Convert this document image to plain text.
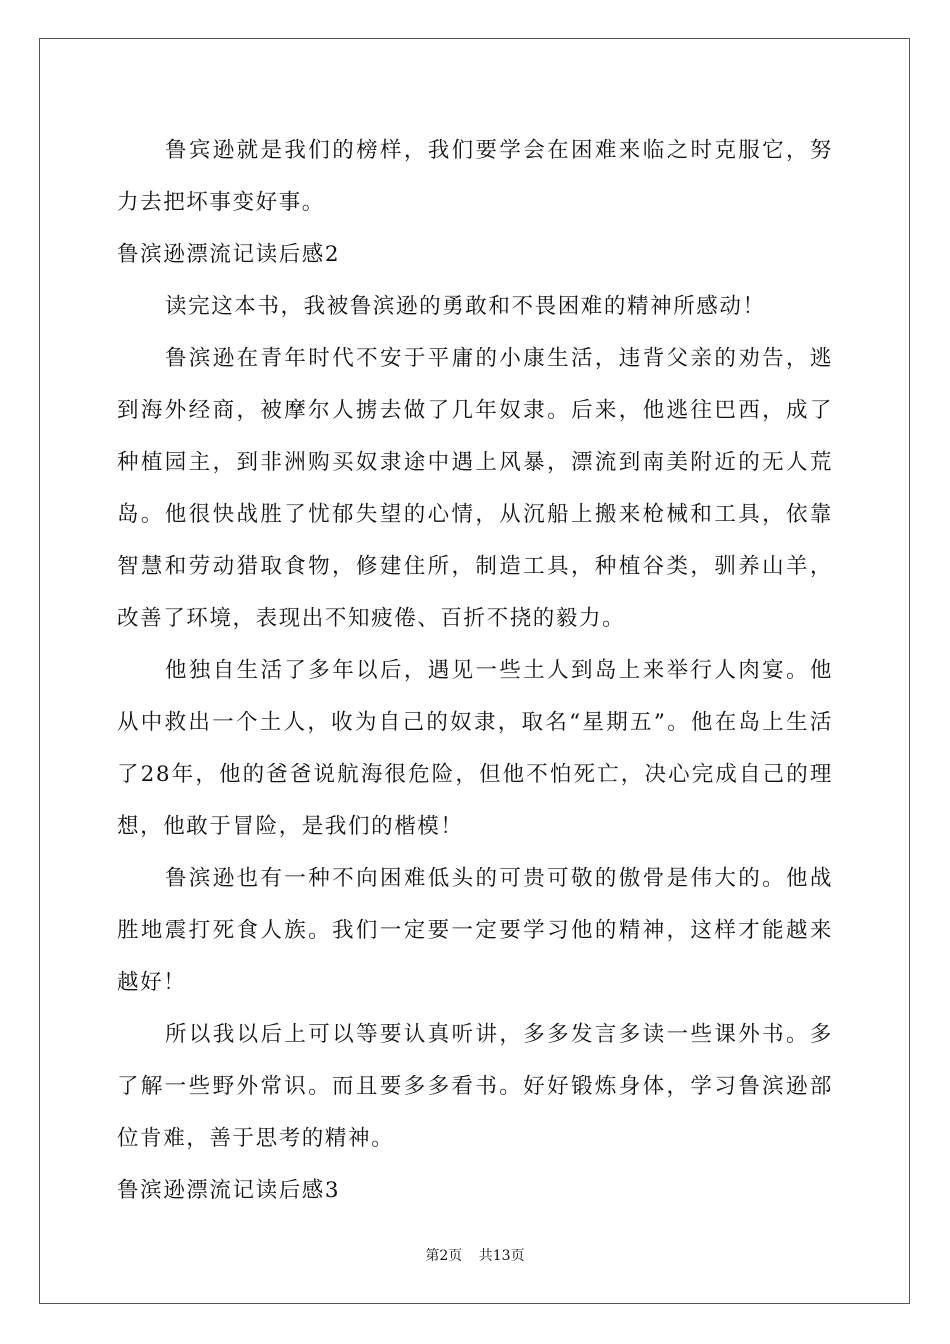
鲁宾逊就是我们的榜样，我们要学会在困难来临之时克服它，努力去把坏事变好事。

鲁滨逊漂流记读后感2

读完这本书，我被鲁滨逊的勇敢和不畏困难的精神所感动！

鲁滨逊在青年时代不安于平庸的小康生活，违背父亲的劝告，逃到海外经商，被摩尔人掳去做了几年奴隶。后来，他逃往巴西，成了种植园主，到非洲购买奴隶途中遇上风暴，漂流到南美附近的无人荒岛。他很快战胜了忧郁失望的心情，从沉船上搬来枪械和工具，依靠智慧和劳动猎取食物，修建住所，制造工具，种植谷类，驯养山羊，改善了环境，表现出不知疲倦、百折不挠的毅力。

他独自生活了多年以后，遇见一些土人到岛上来举行人肉宴。他从中救出一个土人，收为自己的奴隶，取名“星期五”。他在岛上生活了28年，他的爸爸说航海很危险，但他不怕死亡，决心完成自己的理想，他敢于冒险，是我们的楷模！

鲁滨逊也有一种不向困难低头的可贵可敬的傲骨是伟大的。他战胜地震打死食人族。我们一定要一定要学习他的精神，这样才能越来越好！

所以我以后上可以等要认真听讲，多多发言多读一些课外书。多了解一些野外常识。而且要多多看书。好好锻炼身体，学习鲁滨逊部位肯难，善于思考的精神。

鲁滨逊漂流记读后感3

第2页 共13页
